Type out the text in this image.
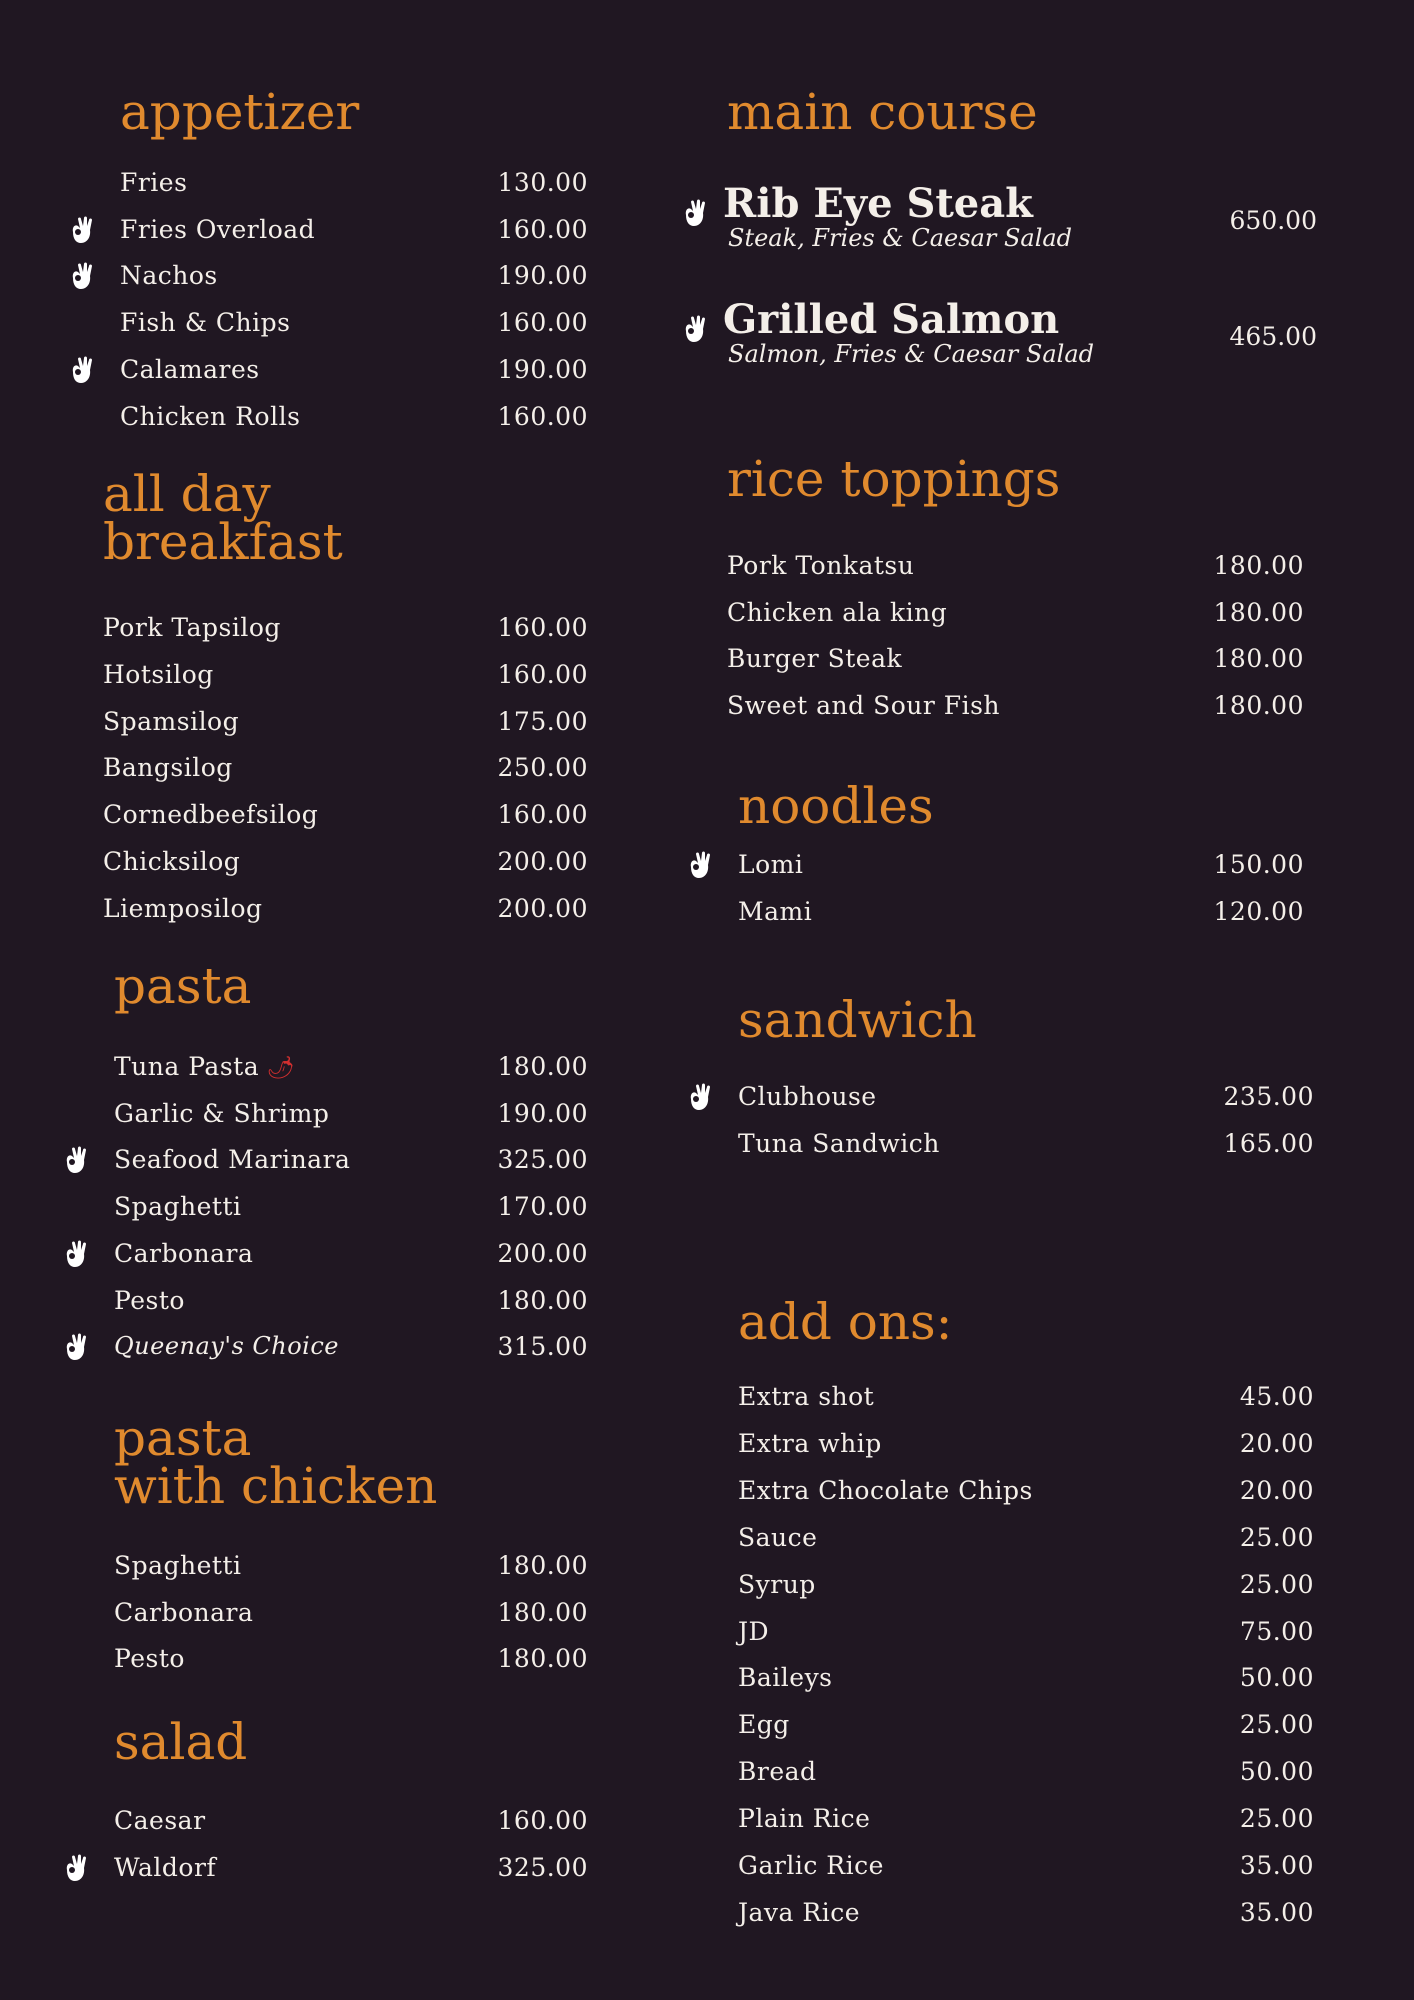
appetizer
Fries	130.00
Fries Overload	160.00
Nachos	190.00
Fish & Chips	160.00
Calamares	190.00
Chicken Rolls	160.00
all day
breakfast
Pork Tapsilog	160.00
Hotsilog	160.00
Spamsilog	175.00
Bangsilog	250.00
Cornedbeefsilog	160.00
Chicksilog	200.00
Liemposilog	200.00
pasta
Tuna Pasta 🌶	180.00
Garlic & Shrimp	190.00
Seafood Marinara	325.00
Spaghetti	170.00
Carbonara	200.00
Pesto	180.00
Queenay's Choice	315.00
pasta
with chicken
Spaghetti	180.00
Carbonara	180.00
Pesto	180.00
salad
Caesar	160.00
Waldorf	325.00
main course
Rib Eye Steak
Steak, Fries & Caesar Salad
650.00
Grilled Salmon
Salmon, Fries & Caesar Salad
465.00
rice toppings
Pork Tonkatsu	180.00
Chicken ala king	180.00
Burger Steak	180.00
Sweet and Sour Fish	180.00
noodles
Lomi	150.00
Mami	120.00
sandwich
Clubhouse	235.00
Tuna Sandwich	165.00
add ons:
Extra shot	45.00
Extra whip	20.00
Extra Chocolate Chips	20.00
Sauce	25.00
Syrup	25.00
JD	75.00
Baileys	50.00
Egg	25.00
Bread	50.00
Plain Rice	25.00
Garlic Rice	35.00
Java Rice	35.00
